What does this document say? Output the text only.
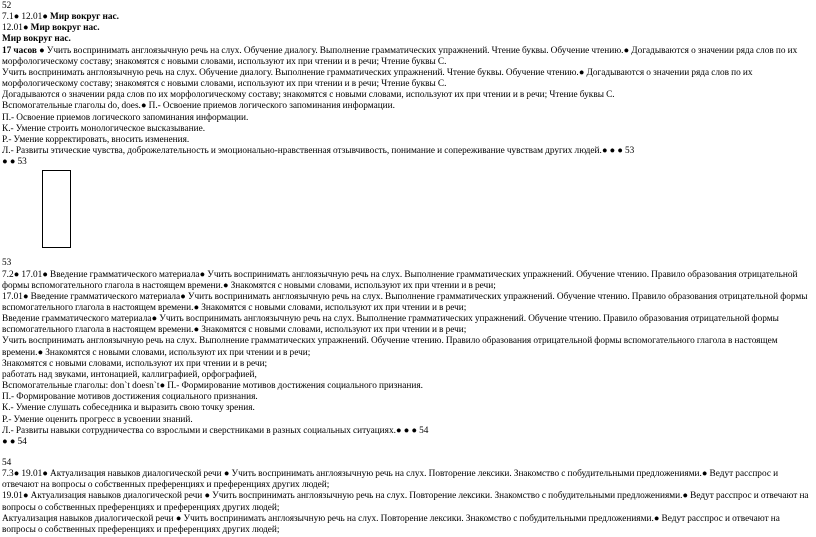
52

7.1● 12.01● Мир вокруг нас.

12.01● Мир вокруг нас.

Мир вокруг нас.

17 часов ● Учить воспринимать англоязычную речь на слух. Обучение диалогу. Выполнение грамматических упражнений. Чтение буквы. Обучение чтению.● Догадываются о значении ряда слов по их морфологическому составу; знакомятся с новыми словами, используют их при чтении и в речи; Чтение буквы С.

Учить воспринимать англоязычную речь на слух. Обучение диалогу. Выполнение грамматических упражнений. Чтение буквы. Обучение чтению.● Догадываются о значении ряда слов по их морфологическому составу; знакомятся с новыми словами, используют их при чтении и в речи; Чтение буквы С.

Догадываются о значении ряда слов по их морфологическому составу; знакомятся с новыми словами, используют их при чтении и в речи; Чтение буквы С.

Вспомогательные глаголы do, does.● П.- Освоение приемов логического запоминания информации.

П.- Освоение приемов логического запоминания информации.

К.- Умение строить монологическое высказывание.

Р.- Умение корректировать, вносить изменения.

Л.- Развиты этические чувства, доброжелательность и эмоционально-нравственная отзывчивость, понимание и сопереживание чувствам других людей.● ● ● 53

● ● 53

53

7.2● 17.01● Введение грамматического материала● Учить воспринимать англоязычную речь на слух. Выполнение грамматических упражнений. Обучение чтению. Правило образования отрицательной формы вспомогательного глагола в настоящем времени.● Знакомятся с новыми словами, используют их при чтении и в речи;

17.01● Введение грамматического материала● Учить воспринимать англоязычную речь на слух. Выполнение грамматических упражнений. Обучение чтению. Правило образования отрицательной формы вспомогательного глагола в настоящем времени.● Знакомятся с новыми словами, используют их при чтении и в речи;

Введение грамматического материала● Учить воспринимать англоязычную речь на слух. Выполнение грамматических упражнений. Обучение чтению. Правило образования отрицательной формы вспомогательного глагола в настоящем времени.● Знакомятся с новыми словами, используют их при чтении и в речи;

Учить воспринимать англоязычную речь на слух. Выполнение грамматических упражнений. Обучение чтению. Правило образования отрицательной формы вспомогательного глагола в настоящем времени.● Знакомятся с новыми словами, используют их при чтении и в речи;

Знакомятся с новыми словами, используют их при чтении и в речи;

работать над звуками, интонацией, каллиграфией, орфографией,

Вспомогательные глаголы: don`t doesn`t● П.- Формирование мотивов достижения социального признания.

П.- Формирование мотивов достижения социального признания.

К.- Умение слушать собеседника и выразить свою точку зрения.

Р.- Умение оценить прогресс в усвоении знаний.

Л.- Развиты навыки сотрудничества со взрослыми и сверстниками в разных социальных ситуациях.● ● ● 54

● ● 54

54

7.3● 19.01● Актуализация навыков диалогической речи ● Учить воспринимать англоязычную речь на слух. Повторение лексики. Знакомство с побудительными предложениями.● Ведут расспрос и отвечают на вопросы о собственных преференциях и преференциях других людей;

19.01● Актуализация навыков диалогической речи ● Учить воспринимать англоязычную речь на слух. Повторение лексики. Знакомство с побудительными предложениями.● Ведут расспрос и отвечают на вопросы о собственных преференциях и преференциях других людей;

Актуализация навыков диалогической речи ● Учить воспринимать англоязычную речь на слух. Повторение лексики. Знакомство с побудительными предложениями.● Ведут расспрос и отвечают на вопросы о собственных преференциях и преференциях других людей;
